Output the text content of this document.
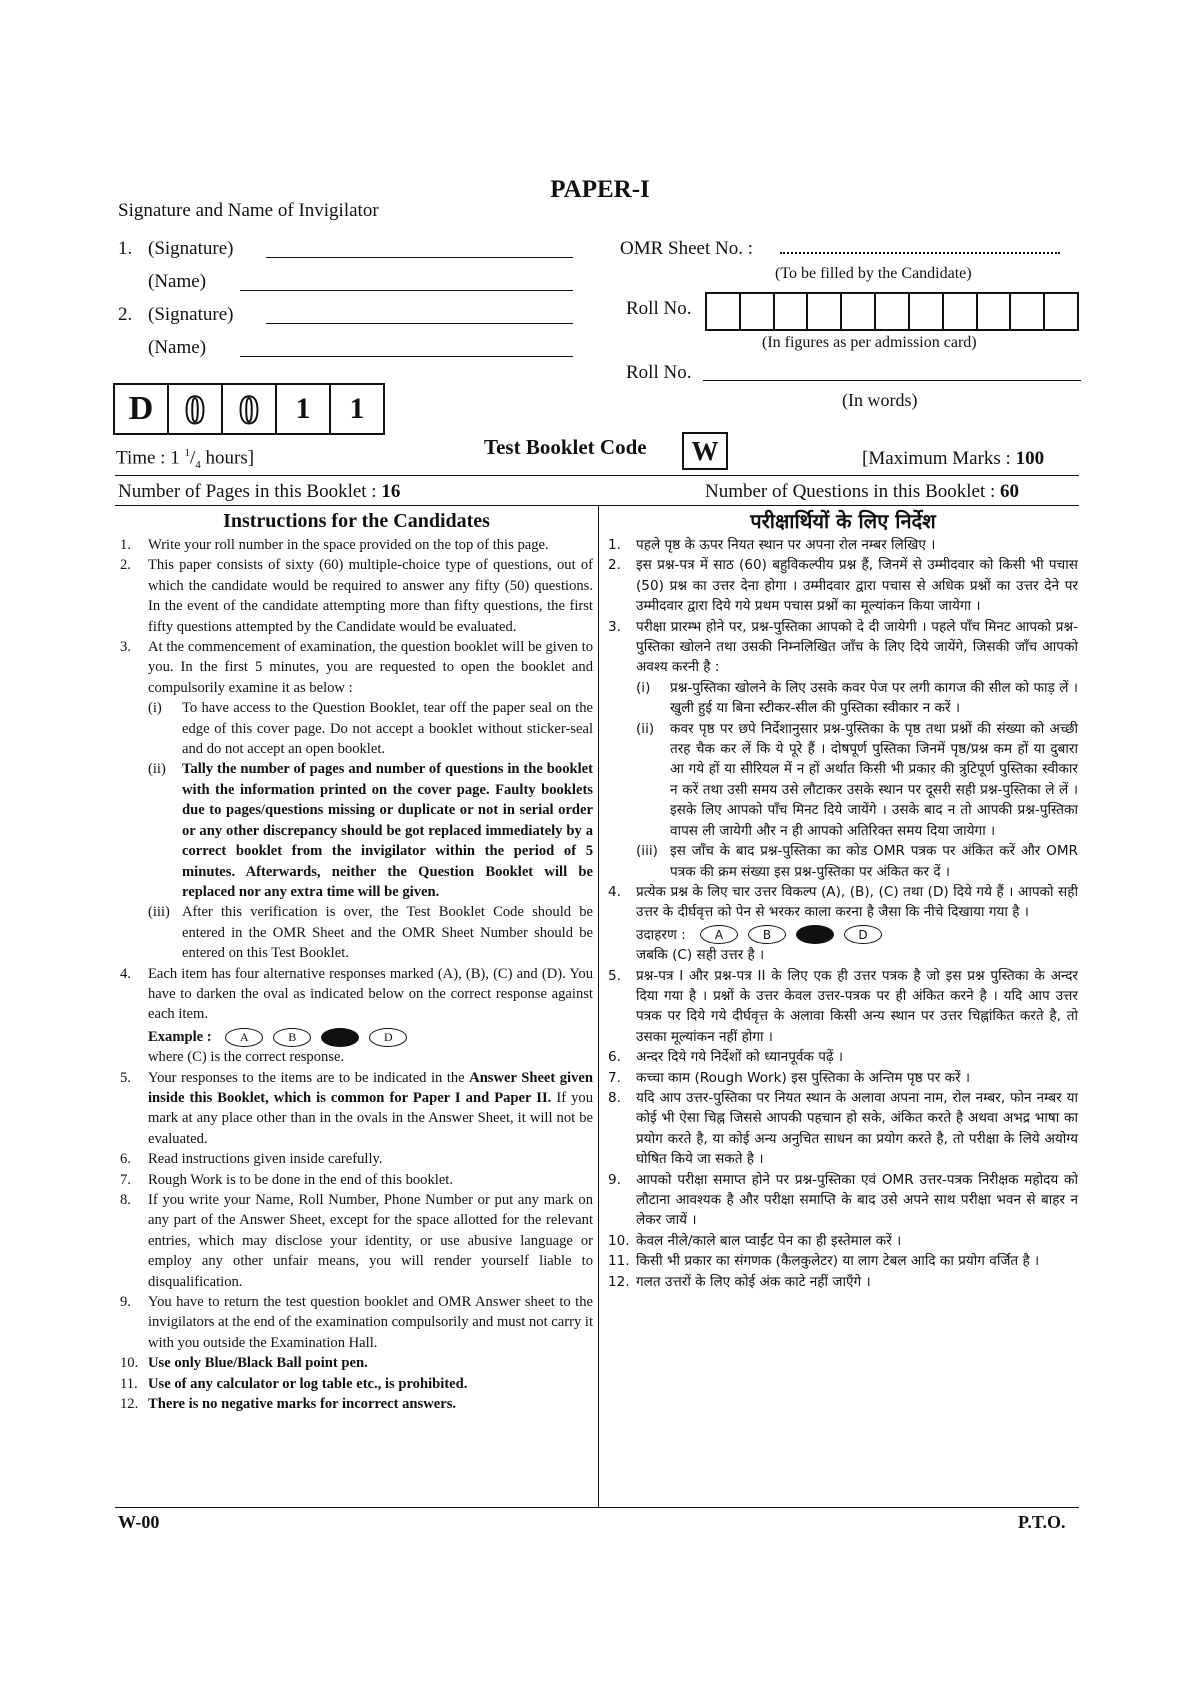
PAPER-I
Signature and Name of Invigilator
1. (Signature)
(Name)
2. (Signature)
(Name)
OMR Sheet No. :
(To be filled by the Candidate)
Roll No.
(In figures as per admission card)
Roll No.
(In words)
D 0 0	1	1
Time : 1 $^1/_4$ hours]	Test Booklet Code	W	[Maximum Marks : 100
Number of Pages in this Booklet : 16	Number of Questions in this Booklet : 60
Instructions for the Candidates
1.	Write your roll number in the space provided on the top of this page.
2.	This paper consists of sixty (60) multiple-choice type of questions, out of which the candidate would be required to answer any fifty (50) questions. In the event of the candidate attempting more than fifty questions, the first fifty questions attempted by the Candidate would be evaluated.
3.	At the commencement of examination, the question booklet will be given to you. In the first 5 minutes, you are requested to open the booklet and compulsorily examine it as below :
(i)	To have access to the Question Booklet, tear off the paper seal on the edge of this cover page. Do not accept a booklet without sticker-seal and do not accept an open booklet.
(ii)	Tally the number of pages and number of questions in the booklet with the information printed on the cover page. Faulty booklets due to pages/questions missing or duplicate or not in serial order or any other discrepancy should be got replaced immediately by a correct booklet from the invigilator within the period of 5 minutes. Afterwards, neither the Question Booklet will be replaced nor any extra time will be given.
(iii) After this verification is over, the Test Booklet Code should be entered in the OMR Sheet and the OMR Sheet Number should be entered on this Test Booklet.
4.	Each item has four alternative responses marked (A), (B), (C) and (D). You have to darken the oval as indicated below on the correct response against each item.
Example :	A	B	D
where (C) is the correct response.
5.	Your responses to the items are to be indicated in the Answer Sheet given inside this Booklet, which is common for Paper I and Paper II. If you mark at any place other than in the ovals in the Answer Sheet, it will not be evaluated.
6.	Read instructions given inside carefully.
7.	Rough Work is to be done in the end of this booklet.
8.	If you write your Name, Roll Number, Phone Number or put any mark on any part of the Answer Sheet, except for the space allotted for the relevant entries, which may disclose your identity, or use abusive language or employ any other unfair means, you will render yourself liable to disqualification.
9.	You have to return the test question booklet and OMR Answer sheet to the invigilators at the end of the examination compulsorily and must not carry it with you outside the Examination Hall.
10. Use only Blue/Black Ball point pen.
11. Use of any calculator or log table etc., is prohibited.
12. There is no negative marks for incorrect answers.
परीक्षार्थियों के लिए निर्देश
1.	पहले पृष्ठ के ऊपर नियत स्थान पर अपना रोल नम्बर लिखिए ।
2.	इस प्रश्न-पत्र में साठ (60) बहुविकल्पीय प्रश्न हैं, जिनमें से उम्मीदवार को किसी भी पचास (50) प्रश्न का उत्तर देना होगा । उम्मीदवार द्वारा पचास से अधिक प्रश्नों का उत्तर देने पर उम्मीदवार द्वारा दिये गये प्रथम पचास प्रश्नों का मूल्यांकन किया जायेगा ।
3.	परीक्षा प्रारम्भ होने पर, प्रश्न-पुस्तिका आपको दे दी जायेगी । पहले पाँच मिनट आपको प्रश्न-पुस्तिका खोलने तथा उसकी निम्नलिखित जाँच के लिए दिये जायेंगे, जिसकी जाँच आपको अवश्य करनी है :
(i)	प्रश्न-पुस्तिका खोलने के लिए उसके कवर पेज पर लगी कागज की सील को फाड़ लें । खुली हुई या बिना स्टीकर-सील की पुस्तिका स्वीकार न करें ।
(ii)	कवर पृष्ठ पर छपे निर्देशानुसार प्रश्न-पुस्तिका के पृष्ठ तथा प्रश्नों की संख्या को अच्छी तरह चैक कर लें कि ये पूरे हैं । दोषपूर्ण पुस्तिका जिनमें पृष्ठ/प्रश्न कम हों या दुबारा आ गये हों या सीरियल में न हों अर्थात किसी भी प्रकार की त्रुटिपूर्ण पुस्तिका स्वीकार न करें तथा उसी समय उसे लौटाकर उसके स्थान पर दूसरी सही प्रश्न-पुस्तिका ले लें । इसके लिए आपको पाँच मिनट दिये जायेंगे । उसके बाद न तो आपकी प्रश्न-पुस्तिका वापस ली जायेगी और न ही आपको अतिरिक्त समय दिया जायेगा ।
(iii) इस जाँच के बाद प्रश्न-पुस्तिका का कोड OMR पत्रक पर अंकित करें और OMR पत्रक की क्रम संख्या इस प्रश्न-पुस्तिका पर अंकित कर दें ।
4.	प्रत्येक प्रश्न के लिए चार उत्तर विकल्प (A), (B), (C) तथा (D) दिये गये हैं । आपको सही उत्तर के दीर्घवृत्त को पेन से भरकर काला करना है जैसा कि नीचे दिखाया गया है ।
उदाहरण :	A	B	D
जबकि (C) सही उत्तर है ।
5.	प्रश्न-पत्र I और प्रश्न-पत्र II के लिए एक ही उत्तर पत्रक है जो इस प्रश्न पुस्तिका के अन्दर दिया गया है । प्रश्नों के उत्तर केवल उत्तर-पत्रक पर ही अंकित करने है । यदि आप उत्तर पत्रक पर दिये गये दीर्घवृत्त के अलावा किसी अन्य स्थान पर उत्तर चिह्नांकित करते है, तो उसका मूल्यांकन नहीं होगा ।
6.	अन्दर दिये गये निर्देशों को ध्यानपूर्वक पढ़ें ।
7.	कच्चा काम (Rough Work) इस पुस्तिका के अन्तिम पृष्ठ पर करें ।
8.	यदि आप उत्तर-पुस्तिका पर नियत स्थान के अलावा अपना नाम, रोल नम्बर, फोन नम्बर या कोई भी ऐसा चिह्न जिससे आपकी पहचान हो सके, अंकित करते है अथवा अभद्र भाषा का प्रयोग करते है, या कोई अन्य अनुचित साधन का प्रयोग करते है, तो परीक्षा के लिये अयोग्य घोषित किये जा सकते है ।
9.	आपको परीक्षा समाप्त होने पर प्रश्न-पुस्तिका एवं OMR उत्तर-पत्रक निरीक्षक महोदय को लौटाना आवश्यक है और परीक्षा समाप्ति के बाद उसे अपने साथ परीक्षा भवन से बाहर न लेकर जायें ।
10. केवल नीले/काले बाल प्वाईंट पेन का ही इस्तेमाल करें ।
11. किसी भी प्रकार का संगणक (कैलकुलेटर) या लाग टेबल आदि का प्रयोग वर्जित है ।
12. गलत उत्तरों के लिए कोई अंक काटे नहीं जाएँगे ।
W-00	P.T.O.
